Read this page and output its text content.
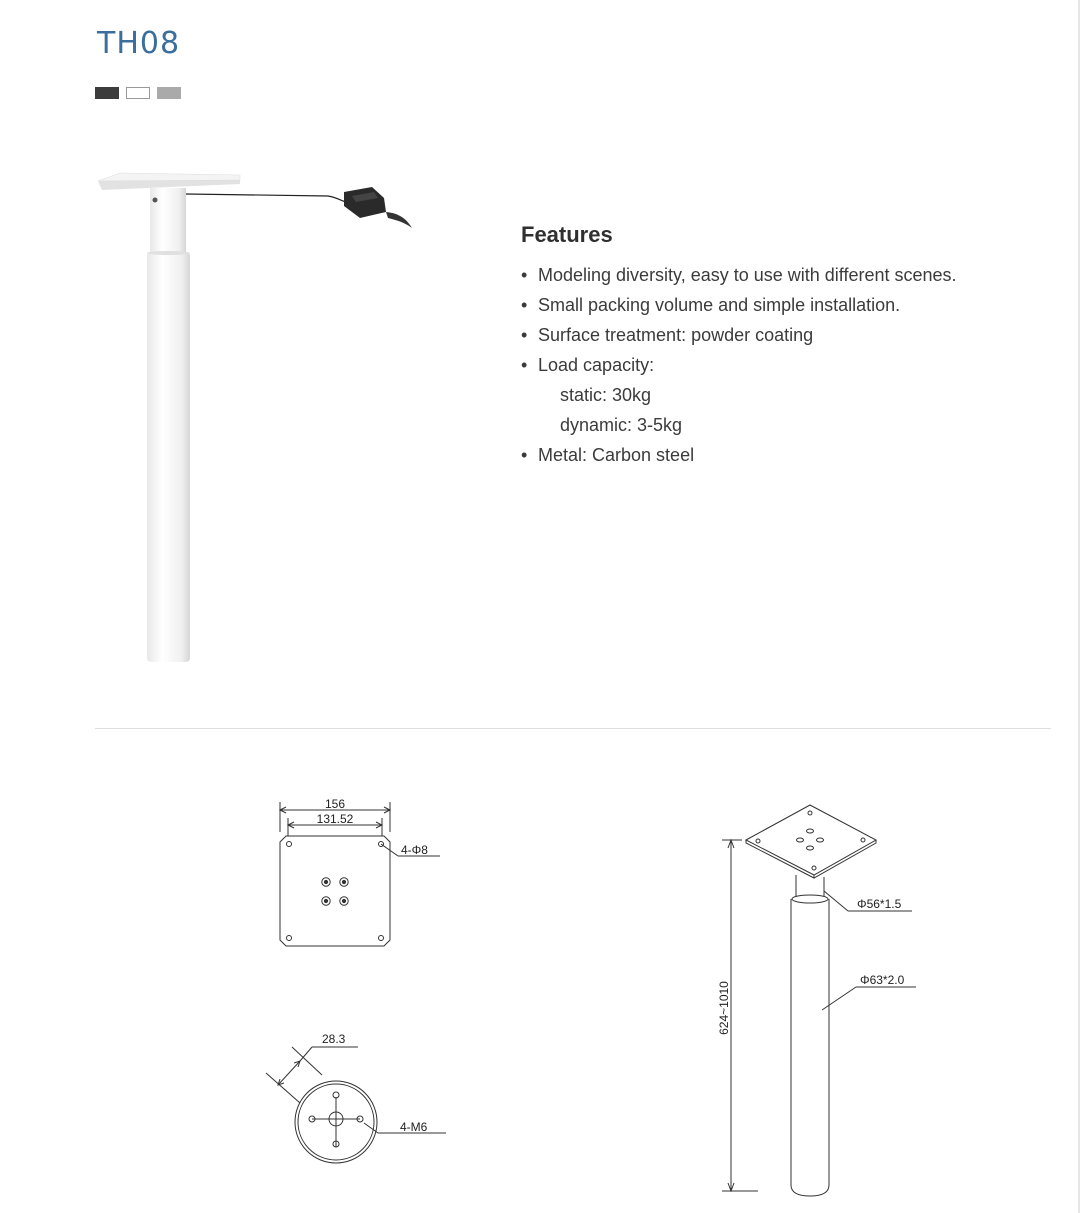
TH08
Features
• Modeling diversity, easy to use with different scenes.
• Small packing volume and simple installation.
• Surface treatment: powder coating
• Load capacity:
static: 30kg
dynamic: 3-5kg
• Metal: Carbon steel
156
131.52
4-Φ8
28.3
4-M6
624~1010
Φ56*1.5
Φ63*2.0
